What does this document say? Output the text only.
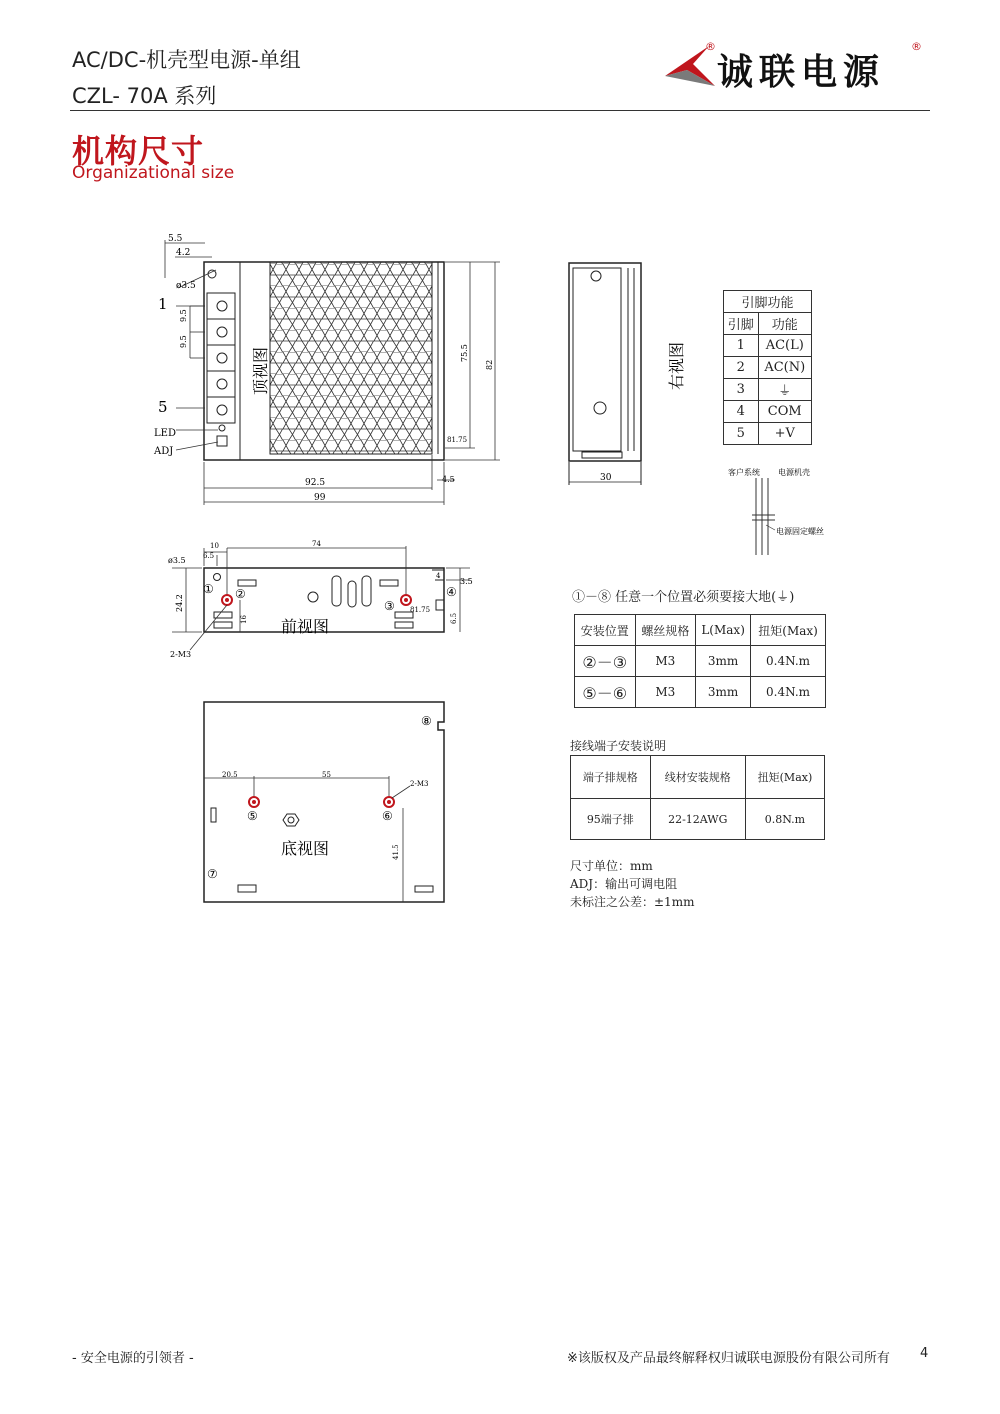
AC/DC-机壳型电源-单组
CZL- 70A 系列
诚联电源
®	®
机构尺寸
Organizational size
5.5
4.2
ø3.5
9.5
9.5
1
5
LED
ADJ
75.5
82
81.75
4.5
92.5
99
顶视图
30
右视图
客户系统 电源机壳
电源固定螺丝
10
6.5
74
ø3.5
24.2
16
3.5
4
81.75
6.5
2-M3
① ②
③
④
前视图
20.5	55
2-M3
41.5
⑤	⑥
⑦
⑧
底视图
引脚功能	
引脚	功能
1	AC(L)
2	AC(N)
3	⏚
4	COM
5	+V
①－⑧ 任意一个位置必须要接大地(⏚)
安装位置	螺丝规格	L(Max)	扭矩(Max)
②－③	M3	3mm	0.4N.m
⑤－⑥	M3	3mm	0.4N.m
接线端子安装说明
端子排规格	线材安装规格	扭矩(Max)
95端子排	22-12AWG	0.8N.m
尺寸单位：mm
ADJ：输出可调电阻
未标注之公差：±1mm
- 安全电源的引领者 -	※该版权及产品最终解释权归诚联电源股份有限公司所有 4
